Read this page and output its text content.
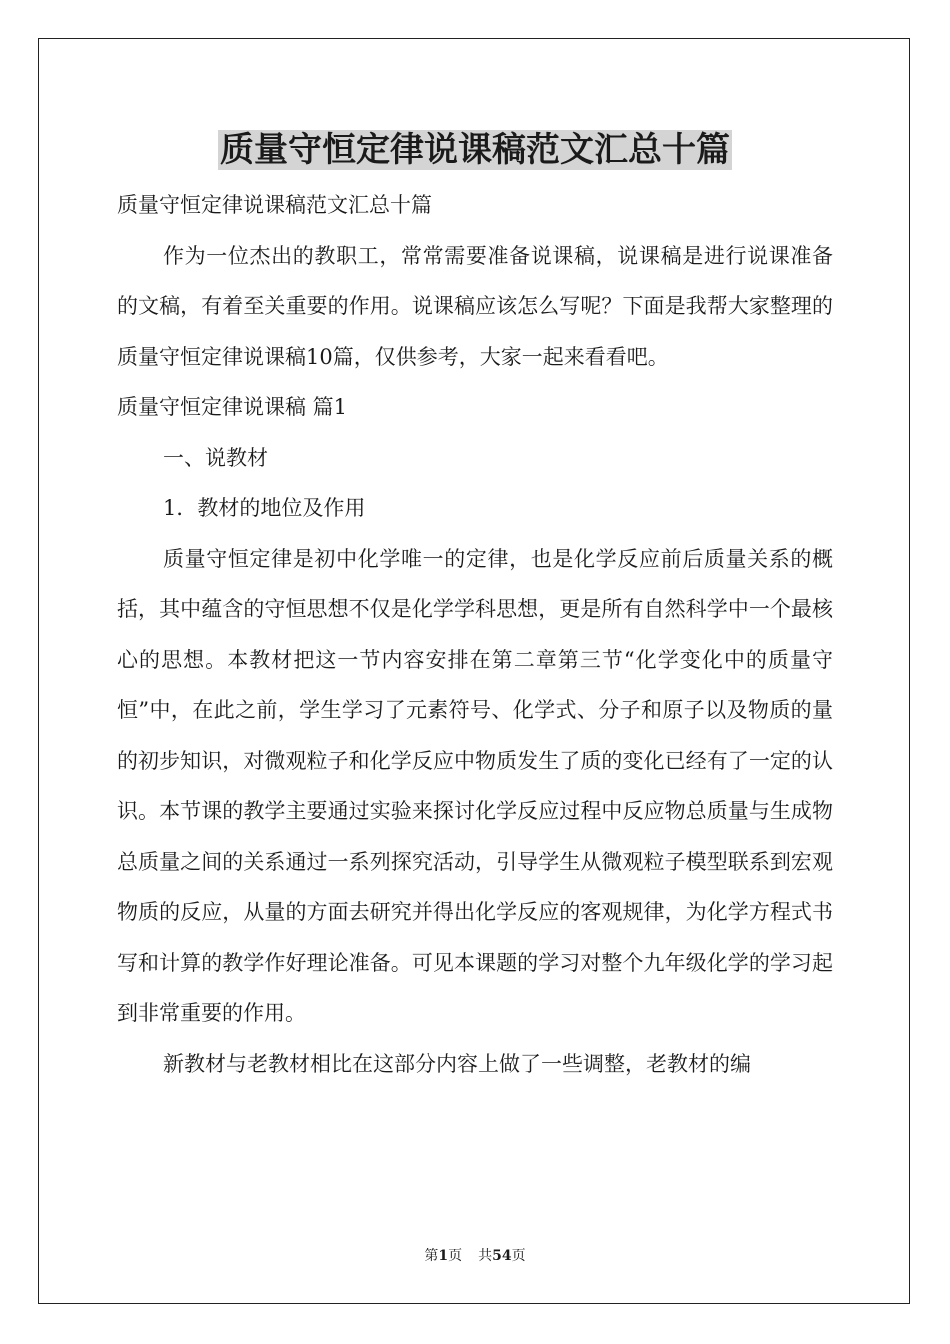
质量守恒定律说课稿范文汇总十篇

质量守恒定律说课稿范文汇总十篇

作为一位杰出的教职工，常常需要准备说课稿，说课稿是进行说课准备的文稿，有着至关重要的作用。说课稿应该怎么写呢？下面是我帮大家整理的质量守恒定律说课稿10篇，仅供参考，大家一起来看看吧。

质量守恒定律说课稿 篇1

一、说教材

1．教材的地位及作用

质量守恒定律是初中化学唯一的定律，也是化学反应前后质量关系的概括，其中蕴含的守恒思想不仅是化学学科思想，更是所有自然科学中一个最核心的思想。本教材把这一节内容安排在第二章第三节“化学变化中的质量守恒”中，在此之前，学生学习了元素符号、化学式、分子和原子以及物质的量的初步知识，对微观粒子和化学反应中物质发生了质的变化已经有了一定的认识。本节课的教学主要通过实验来探讨化学反应过程中反应物总质量与生成物总质量之间的关系通过一系列探究活动，引导学生从微观粒子模型联系到宏观物质的反应，从量的方面去研究并得出化学反应的客观规律，为化学方程式书写和计算的教学作好理论准备。可见本课题的学习对整个九年级化学的学习起到非常重要的作用。

新教材与老教材相比在这部分内容上做了一些调整，老教材的编

第1页 共54页
